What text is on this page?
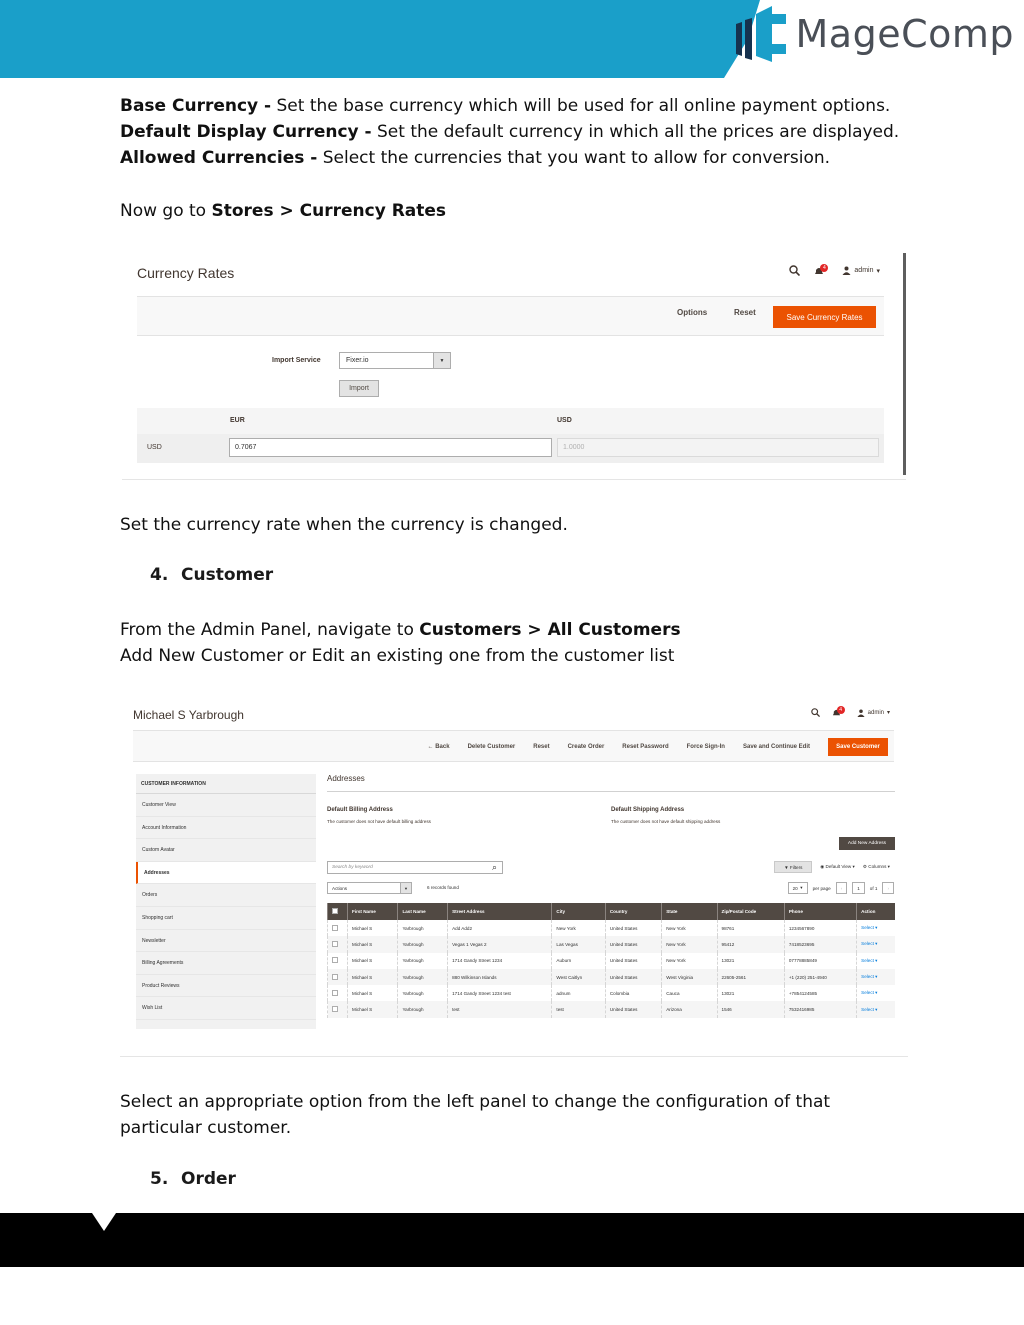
MageComp
Base Currency - Set the base currency which will be used for all online payment options.
Default Display Currency - Set the default currency in which all the prices are displayed.
Allowed Currencies - Select the currencies that you want to allow for conversion.
Now go to Stores > Currency Rates
Currency Rates	4	admin ▾
Options	Reset	Save Currency Rates
Import Service	Fixer.io	▼
Import
EUR	USD
USD	0.7067	1.0000
Set the currency rate when the currency is changed.
4. Customer
From the Admin Panel, navigate to Customers > All Customers
Add New Customer or Edit an existing one from the customer list
Michael S Yarbrough	4	admin ▾
← Back	Delete Customer	Reset	Create Order	Reset Password	Force Sign-In	Save and Continue Edit	Save Customer
CUSTOMER INFORMATION
Customer View
Account Information
Custom Avatar
Addresses
Orders
Shopping cart
Newsletter
Billing Agreements
Product Reviews
Wish List
Addresses
Default Billing Address
The customer does not have default billing address
Default Shipping Address
The customer does not have default shipping address
Add New Address
Search by keyword	⌕	▼
Filters	◉ Default View ▾ ⚙ Columns ▾
Actions	▼	6 records found	20 ▾	per page	‹	1	of 1	›
	First Name	Last Name	Street Address	City	Country	State	Zip/Postal Code	Phone	Action
	Michael S	Yarbrough	Add Add2	New York	United States	New York	98761	1234567890	Select ▾
	Michael S	Yarbrough	Vegas 1 Vegas 2	Las Vegas	United States	New York	95412	7418523695	Select ▾
	Michael S	Yarbrough	1714 Gandy Street 1234	Auburn	United States	New York	13021	07778885849	Select ▾
	Michael S	Yarbrough	880 Wilkinson Islands	West Caitlyn	United States	West Virginia	22605-2561	+1 (220) 251-4940	Select ▾
	Michael S	Yarbrough	1714 Gandy Street 1234 test	adnum	Colombia	Cauca	13021	+7854124585	Select ▾
	Michael S	Yarbrough	test	test	United States	Arizona	1546	7532416985	Select ▾
Select an appropriate option from the left panel to change the configuration of that particular customer.
5. Order
